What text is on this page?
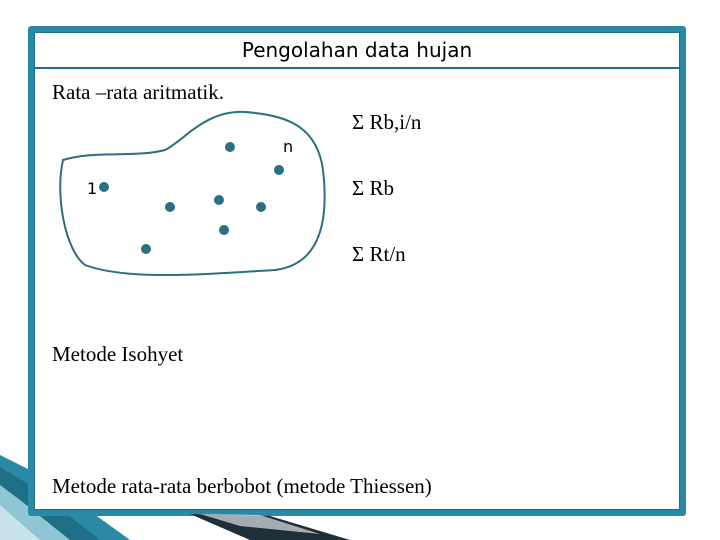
Pengolahan data hujan
Rata –rata aritmatik.
Σ Rb,i/n
Σ Rb
Σ Rt/n
1
n
Metode Isohyet
Metode rata-rata berbobot (metode Thiessen)
